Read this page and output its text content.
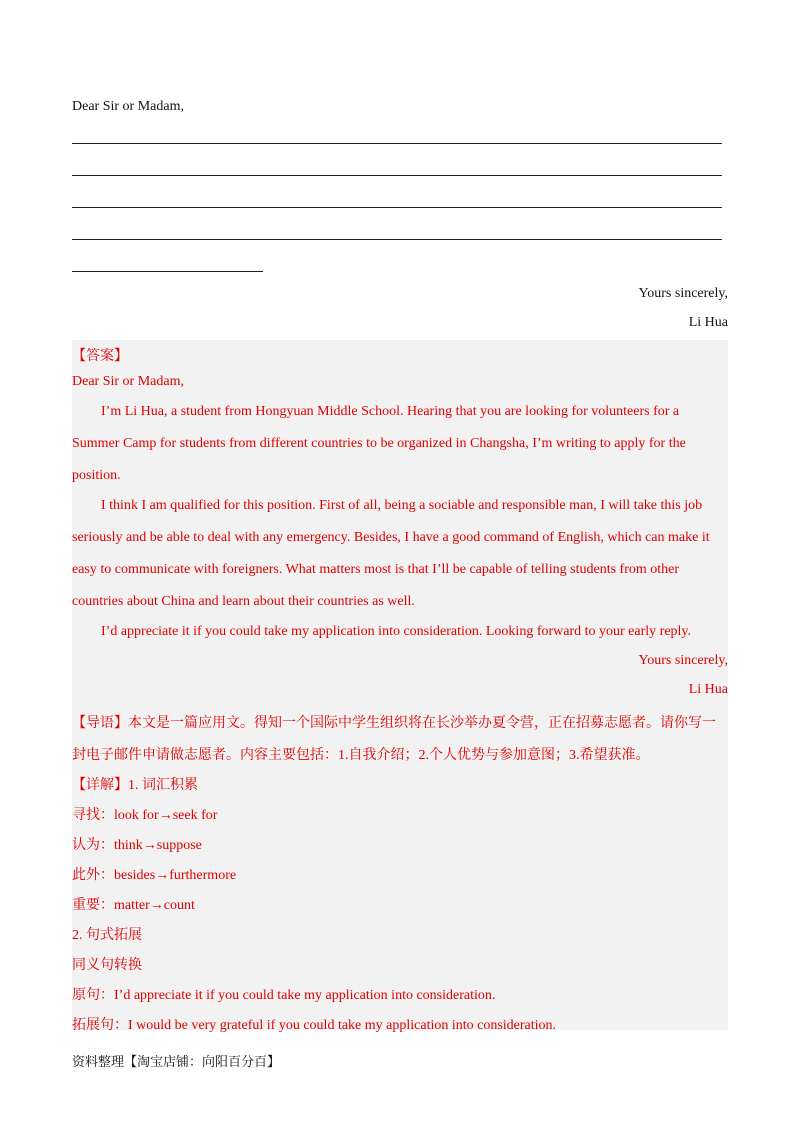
Dear Sir or Madam,
Yours sincerely,
Li Hua
【答案】
Dear Sir or Madam,
I’m Li Hua, a student from Hongyuan Middle School. Hearing that you are looking for volunteers for a
Summer Camp for students from different countries to be organized in Changsha, I’m writing to apply for the
position.
I think I am qualified for this position. First of all, being a sociable and responsible man, I will take this job
seriously and be able to deal with any emergency. Besides, I have a good command of English, which can make it
easy to communicate with foreigners. What matters most is that I’ll be capable of telling students from other
countries about China and learn about their countries as well.
I’d appreciate it if you could take my application into consideration. Looking forward to your early reply.
Yours sincerely,
Li Hua
【导语】本文是一篇应用文。得知一个国际中学生组织将在长沙举办夏令营，正在招募志愿者。请你写一
封电子邮件申请做志愿者。内容主要包括：1.自我介绍；2.个人优势与参加意图；3.希望获准。
【详解】1. 词汇积累
寻找：look for→seek for
认为：think→suppose
此外：besides→furthermore
重要：matter→count
2. 句式拓展
同义句转换
原句：I’d appreciate it if you could take my application into consideration.
拓展句：I would be very grateful if you could take my application into consideration.
资料整理【淘宝店铺：向阳百分百】
